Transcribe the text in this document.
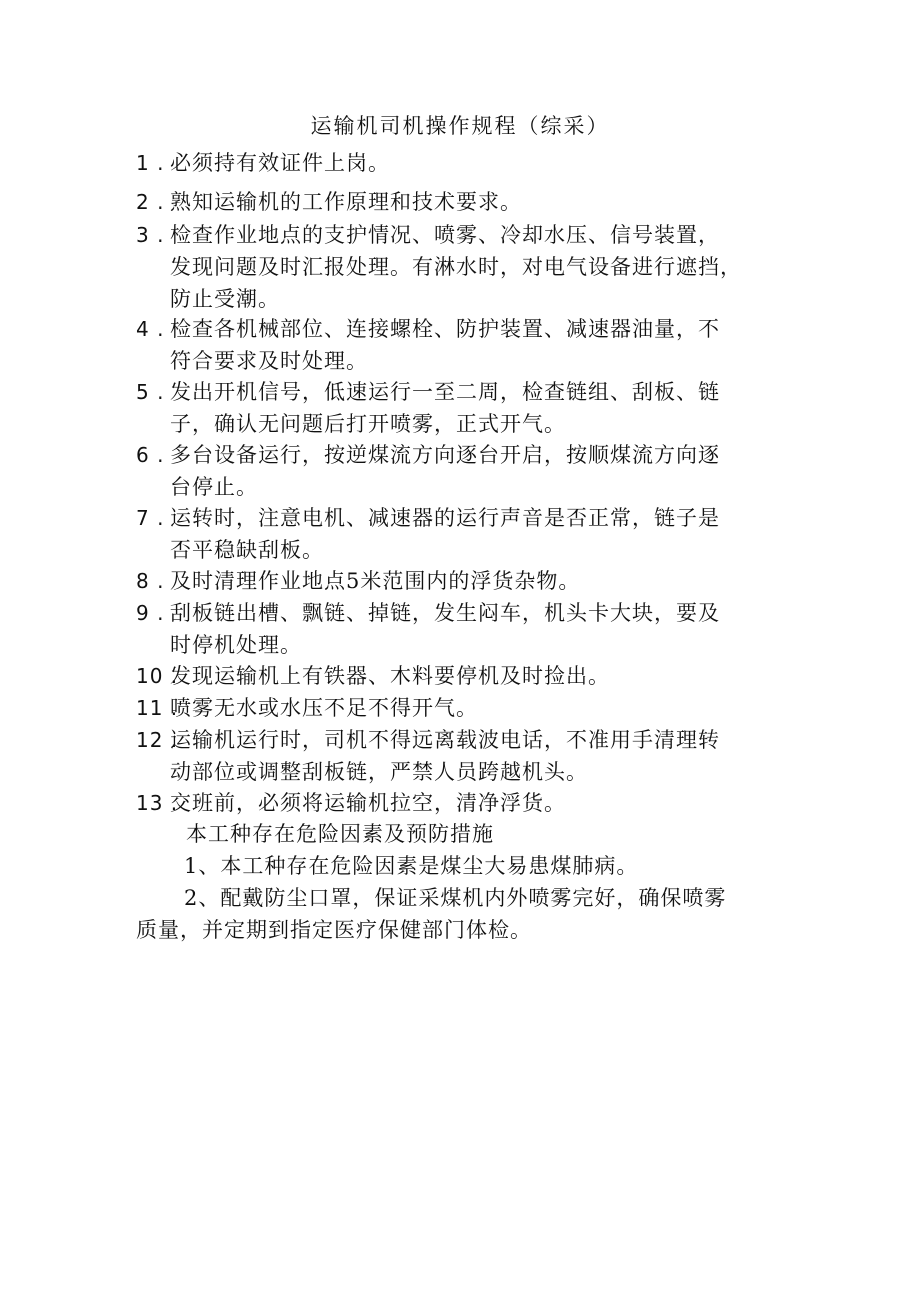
运输机司机操作规程（综采）
1 . 必须持有效证件上岗。
2 . 熟知运输机的工作原理和技术要求。
3 . 检查作业地点的支护情况、喷雾、冷却水压、信号装置，
发现问题及时汇报处理。有淋水时，对电气设备进行遮挡，
防止受潮。
4 . 检查各机械部位、连接螺栓、防护装置、减速器油量，不
符合要求及时处理。
5 . 发出开机信号，低速运行一至二周，检查链组、刮板、链
子，确认无问题后打开喷雾，正式开气。
6 . 多台设备运行，按逆煤流方向逐台开启，按顺煤流方向逐
台停止。
7 . 运转时，注意电机、减速器的运行声音是否正常，链子是
否平稳缺刮板。
8 . 及时清理作业地点5米范围内的浮货杂物。
9 . 刮板链出槽、飘链、掉链，发生闷车，机头卡大块，要及
时停机处理。
10 .
发现运输机上有铁器、木料要停机及时捡出。
11 .
喷雾无水或水压不足不得开气。
12 .
运输机运行时，司机不得远离载波电话，不准用手清理转
动部位或调整刮板链，严禁人员跨越机头。
13 .
交班前，必须将运输机拉空，清净浮货。
本工种存在危险因素及预防措施
1、本工种存在危险因素是煤尘大易患煤肺病。
2、配戴防尘口罩，保证采煤机内外喷雾完好，确保喷雾
质量，并定期到指定医疗保健部门体检。
